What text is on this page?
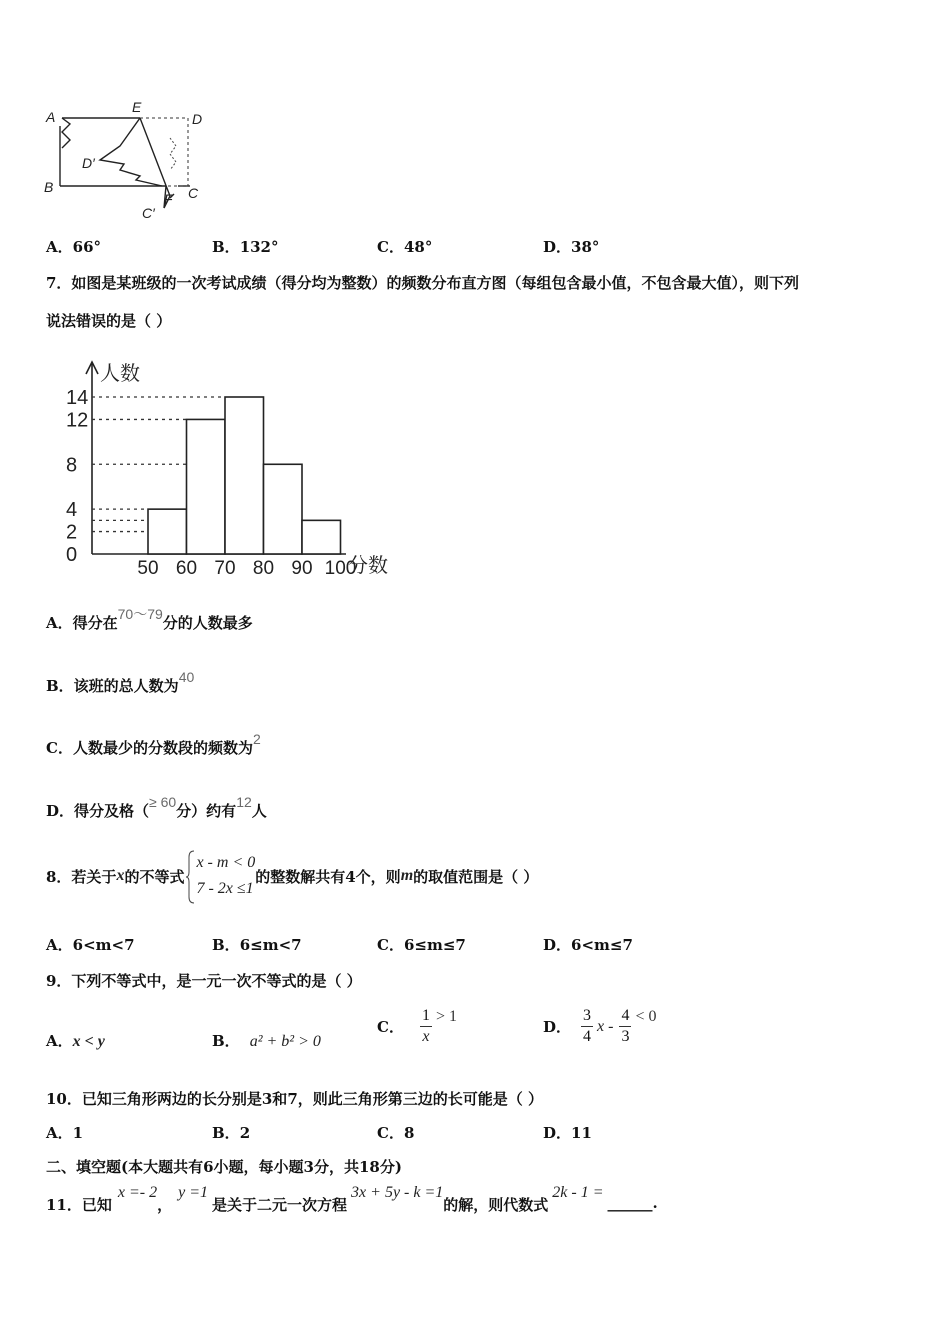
A
E
D
D′
B	C
F
C′
A．66°	B．132°	C．48°	D．38°
7．如图是某班级的一次考试成绩（得分均为整数）的频数分布直方图（每组包含最小值，不包含最大值），则下列
说法错误的是（ ）
人数
分数
14
12
8
4
2
0
50 60 70 80 90 100
A．得分在70～79分的人数最多
B．该班的总人数为40
C．人数最少的分数段的频数为2
D．得分及格（≥ 60分）约有12人
8．若关于 x 的不等式
x - m < 0
7 - 2x ≤1
的整数解共有4个，则 m 的取值范围是（ ）
A．6<m<7	B．6≤m<7	C．6≤m≤7	D．6<m≤7
9．下列不等式中，是一元一次不等式的是（ ）
A．x < y	B． a² + b² > 0
C． $\frac{1}{x} > 1$
D． $\frac{3}{4}$ $x - \frac{4}{3} < 0$
10．已知三角形两边的长分别是3和7，则此三角形第三边的长可能是（ ）
A．1	B．2	C．8	D．11
二、填空题(本大题共有6小题，每小题3分，共18分)
11．已知
x =- 2
，
y =1
是关于二元一次方程
3x + 5y - k =1
的解，则代数式
2k - 1 =
______ .
